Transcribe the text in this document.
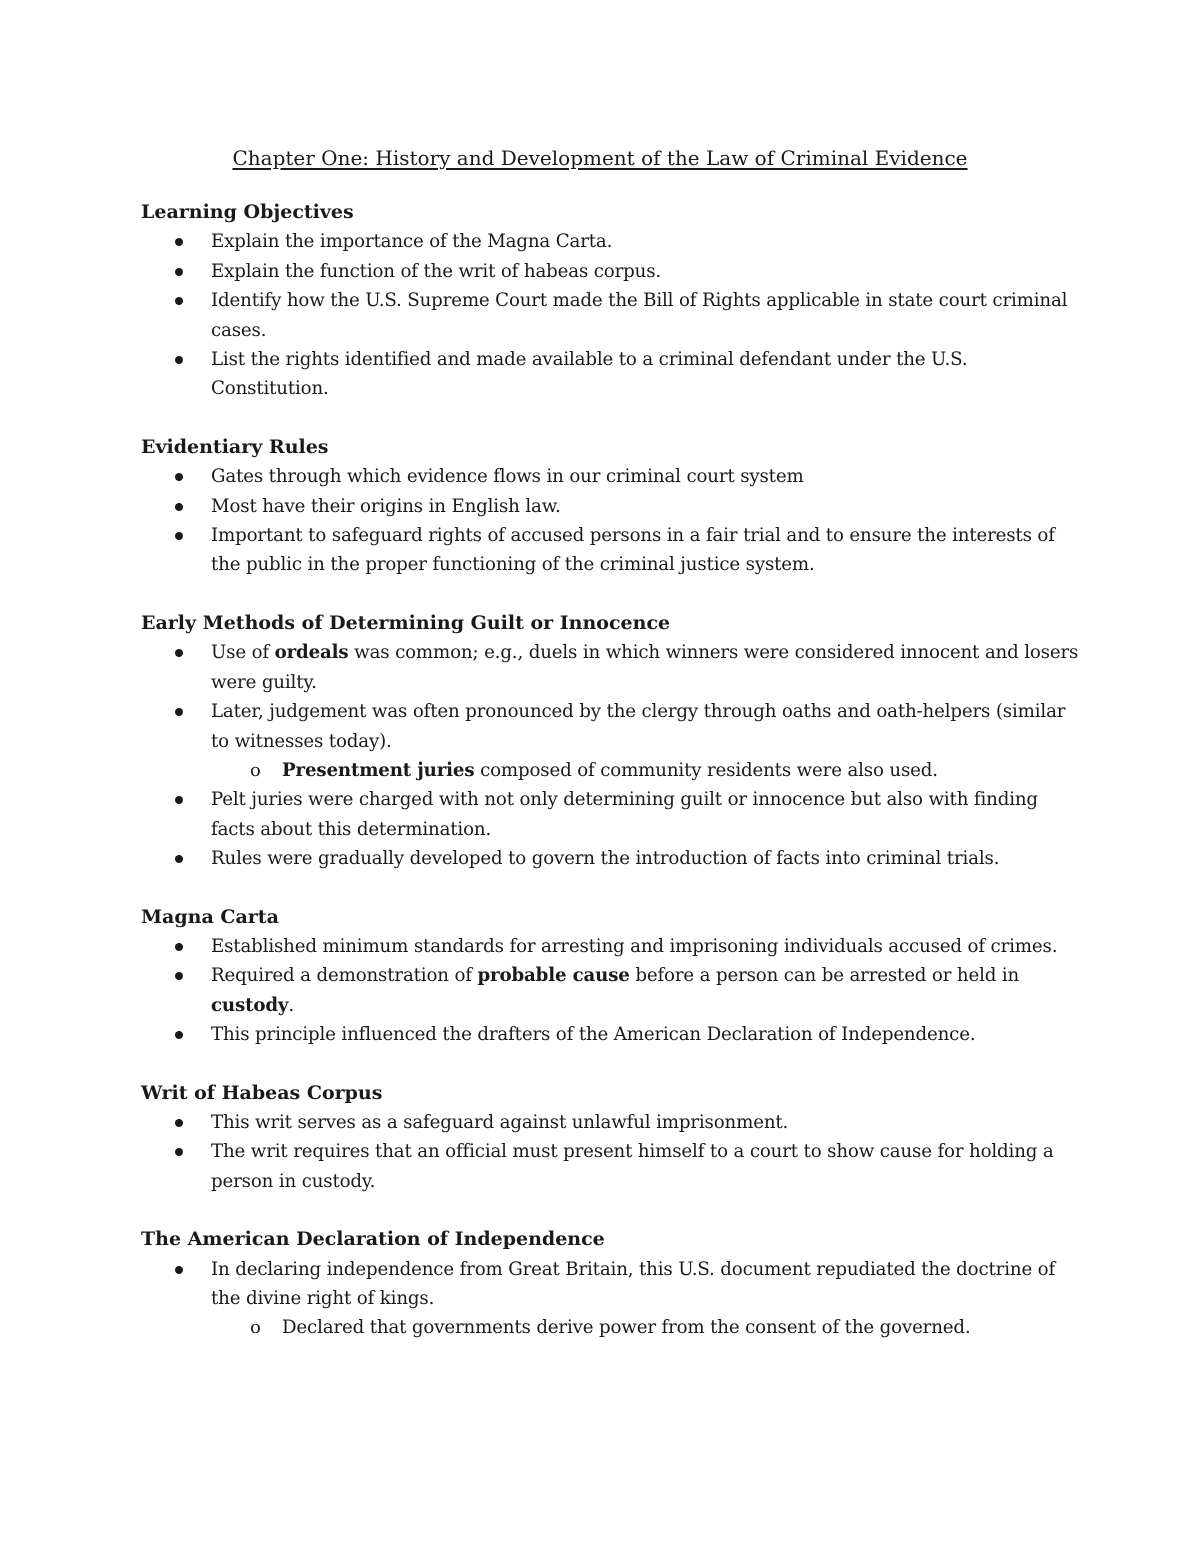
Chapter One: History and Development of the Law of Criminal Evidence
Learning Objectives
Explain the importance of the Magna Carta.
Explain the function of the writ of habeas corpus.
Identify how the U.S. Supreme Court made the Bill of Rights applicable in state court criminal cases.
List the rights identified and made available to a criminal defendant under the U.S. Constitution.
Evidentiary Rules
Gates through which evidence flows in our criminal court system
Most have their origins in English law.
Important to safeguard rights of accused persons in a fair trial and to ensure the interests of the public in the proper functioning of the criminal justice system.
Early Methods of Determining Guilt or Innocence
Use of ordeals was common; e.g., duels in which winners were considered innocent and losers were guilty.
Later, judgement was often pronounced by the clergy through oaths and oath-helpers (similar to witnesses today).
o Presentment juries composed of community residents were also used.
Pelt juries were charged with not only determining guilt or innocence but also with finding facts about this determination.
Rules were gradually developed to govern the introduction of facts into criminal trials.
Magna Carta
Established minimum standards for arresting and imprisoning individuals accused of crimes.
Required a demonstration of probable cause before a person can be arrested or held in custody.
This principle influenced the drafters of the American Declaration of Independence.
Writ of Habeas Corpus
This writ serves as a safeguard against unlawful imprisonment.
The writ requires that an official must present himself to a court to show cause for holding a person in custody.
The American Declaration of Independence
In declaring independence from Great Britain, this U.S. document repudiated the doctrine of the divine right of kings.
o Declared that governments derive power from the consent of the governed.
